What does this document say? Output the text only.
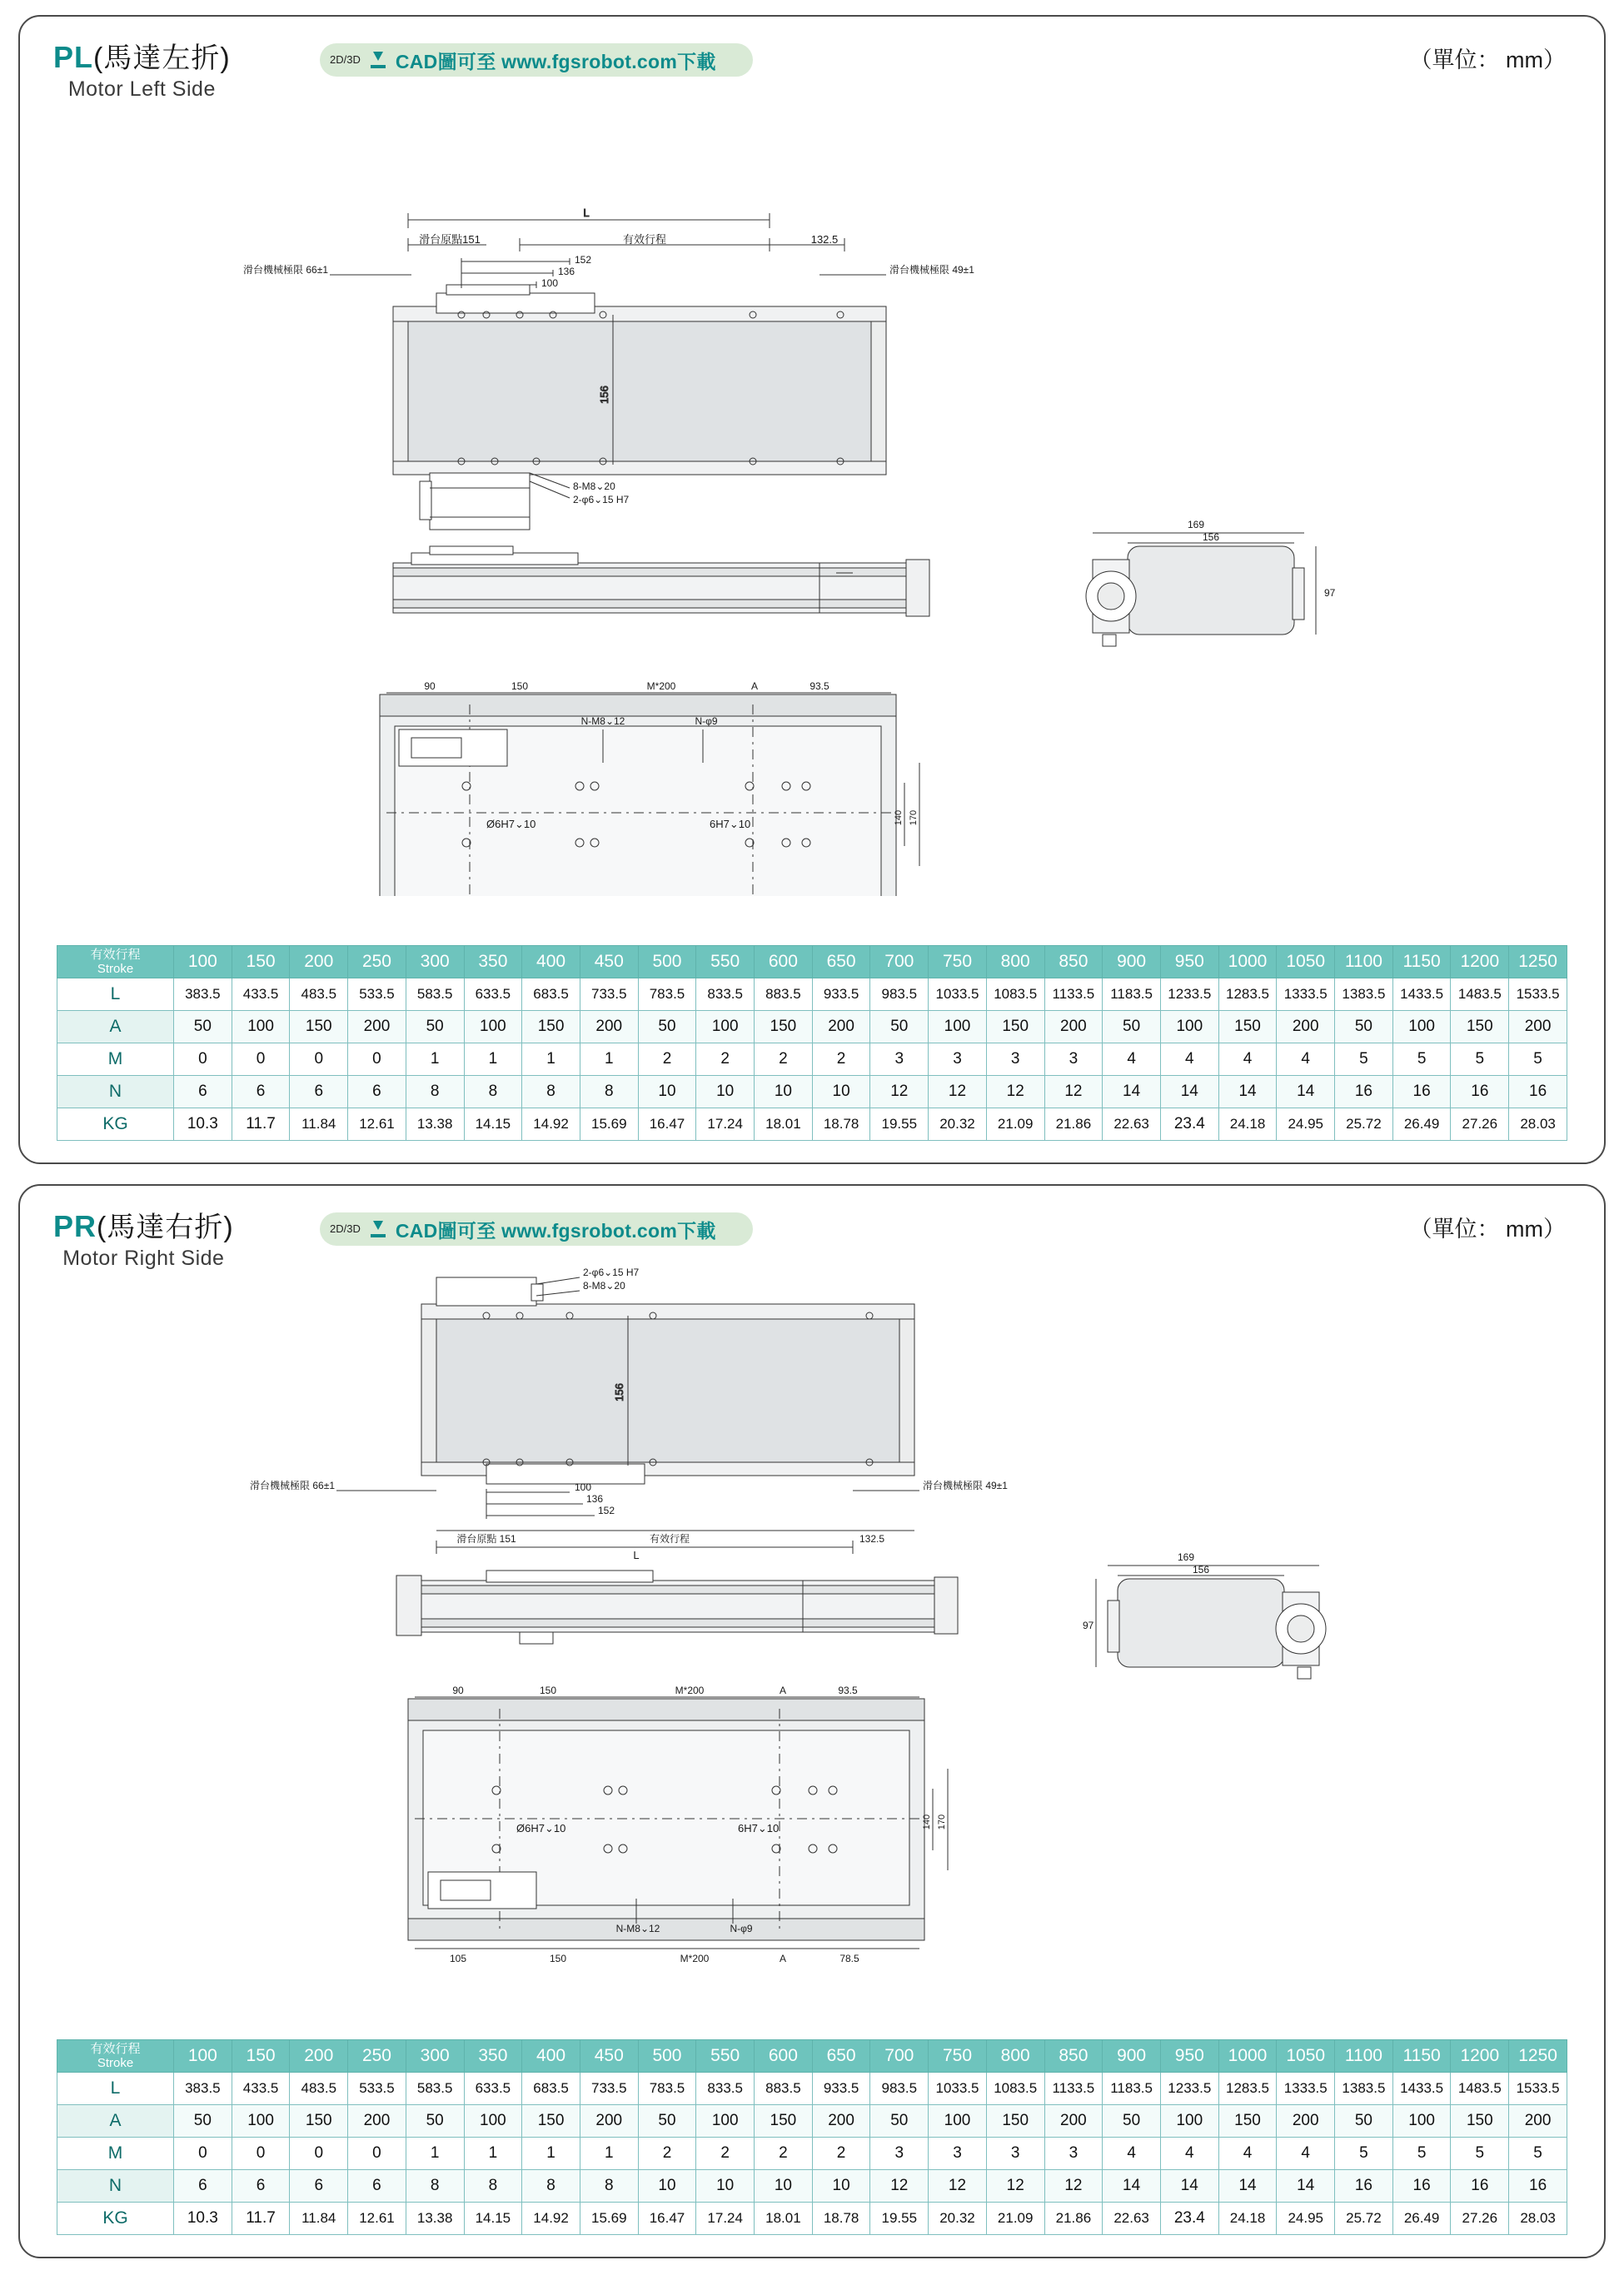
PL(馬達左折)
Motor Left Side
2D/3D CAD圖可至 www.fgsrobot.com下載	（單位： mm）
L
156
滑台原點151	有效行程	132.5
滑台機械極限 66±1	滑台機械極限 49±1
152
136
100
8-M8⌄20
2-φ6⌄15 H7
169
156
97
90	150	M*200	A	93.5
N-M8⌄12	N-φ9
Ø6H7⌄10	6H7⌄10	140 170
有效行程
Stroke	100	150	200	250	300	350	400	450	500	550	600	650	700	750	800	850	900	950	1000	1050	1100	1150	1200	1250
L	383.5	433.5	483.5	533.5	583.5	633.5	683.5	733.5	783.5	833.5	883.5	933.5	983.5	1033.5	1083.5	1133.5	1183.5	1233.5	1283.5	1333.5	1383.5	1433.5	1483.5	1533.5
A	50	100	150	200	50	100	150	200	50	100	150	200	50	100	150	200	50	100	150	200	50	100	150	200
M	0	0	0	0	1	1	1	1	2	2	2	2	3	3	3	3	4	4	4	4	5	5	5	5
N	6	6	6	6	8	8	8	8	10	10	10	10	12	12	12	12	14	14	14	14	16	16	16	16
KG	10.3	11.7	11.84	12.61	13.38	14.15	14.92	15.69	16.47	17.24	18.01	18.78	19.55	20.32	21.09	21.86	22.63	23.4	24.18	24.95	25.72	26.49	27.26	28.03
PR(馬達右折)
Motor Right Side
2D/3D CAD圖可至 www.fgsrobot.com下載	（單位： mm）
156
2-φ6⌄15 H7
8-M8⌄20
滑台機械極限 66±1	滑台機械極限 49±1
100
136
152
滑台原點 151	有效行程	132.5
L	169
156
97
90	150	M*200	A	93.5
Ø6H7⌄10	6H7⌄10	140 170
N-M8⌄12	N-φ9
105	150	M*200	A	78.5
有效行程
Stroke	100	150	200	250	300	350	400	450	500	550	600	650	700	750	800	850	900	950	1000	1050	1100	1150	1200	1250
L	383.5	433.5	483.5	533.5	583.5	633.5	683.5	733.5	783.5	833.5	883.5	933.5	983.5	1033.5	1083.5	1133.5	1183.5	1233.5	1283.5	1333.5	1383.5	1433.5	1483.5	1533.5
A	50	100	150	200	50	100	150	200	50	100	150	200	50	100	150	200	50	100	150	200	50	100	150	200
M	0	0	0	0	1	1	1	1	2	2	2	2	3	3	3	3	4	4	4	4	5	5	5	5
N	6	6	6	6	8	8	8	8	10	10	10	10	12	12	12	12	14	14	14	14	16	16	16	16
KG	10.3	11.7	11.84	12.61	13.38	14.15	14.92	15.69	16.47	17.24	18.01	18.78	19.55	20.32	21.09	21.86	22.63	23.4	24.18	24.95	25.72	26.49	27.26	28.03
